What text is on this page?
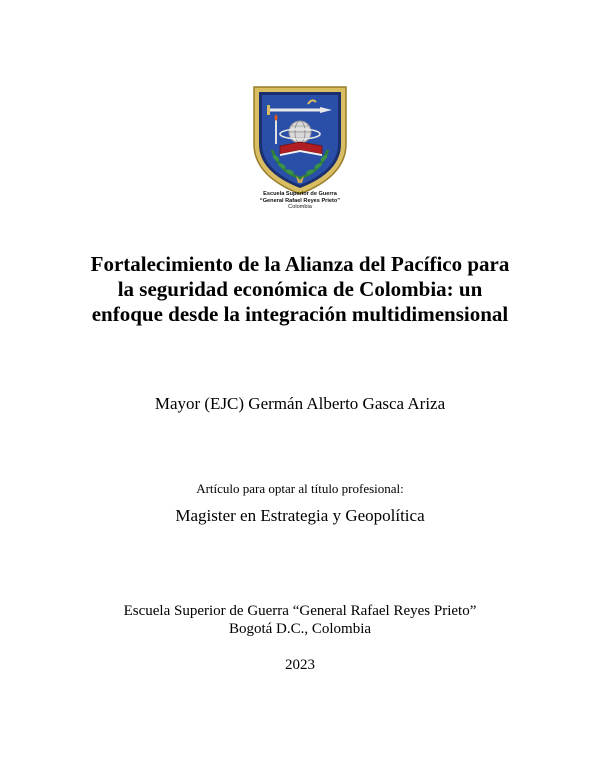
Escuela Superior de Guerra
“General Rafael Reyes Prieto”
Colombia
Fortalecimiento de la Alianza del Pacífico para
la seguridad económica de Colombia: un
enfoque desde la integración multidimensional
Mayor (EJC) Germán Alberto Gasca Ariza
Artículo para optar al título profesional:
Magister en Estrategia y Geopolítica
Escuela Superior de Guerra “General Rafael Reyes Prieto”
Bogotá D.C., Colombia
2023
